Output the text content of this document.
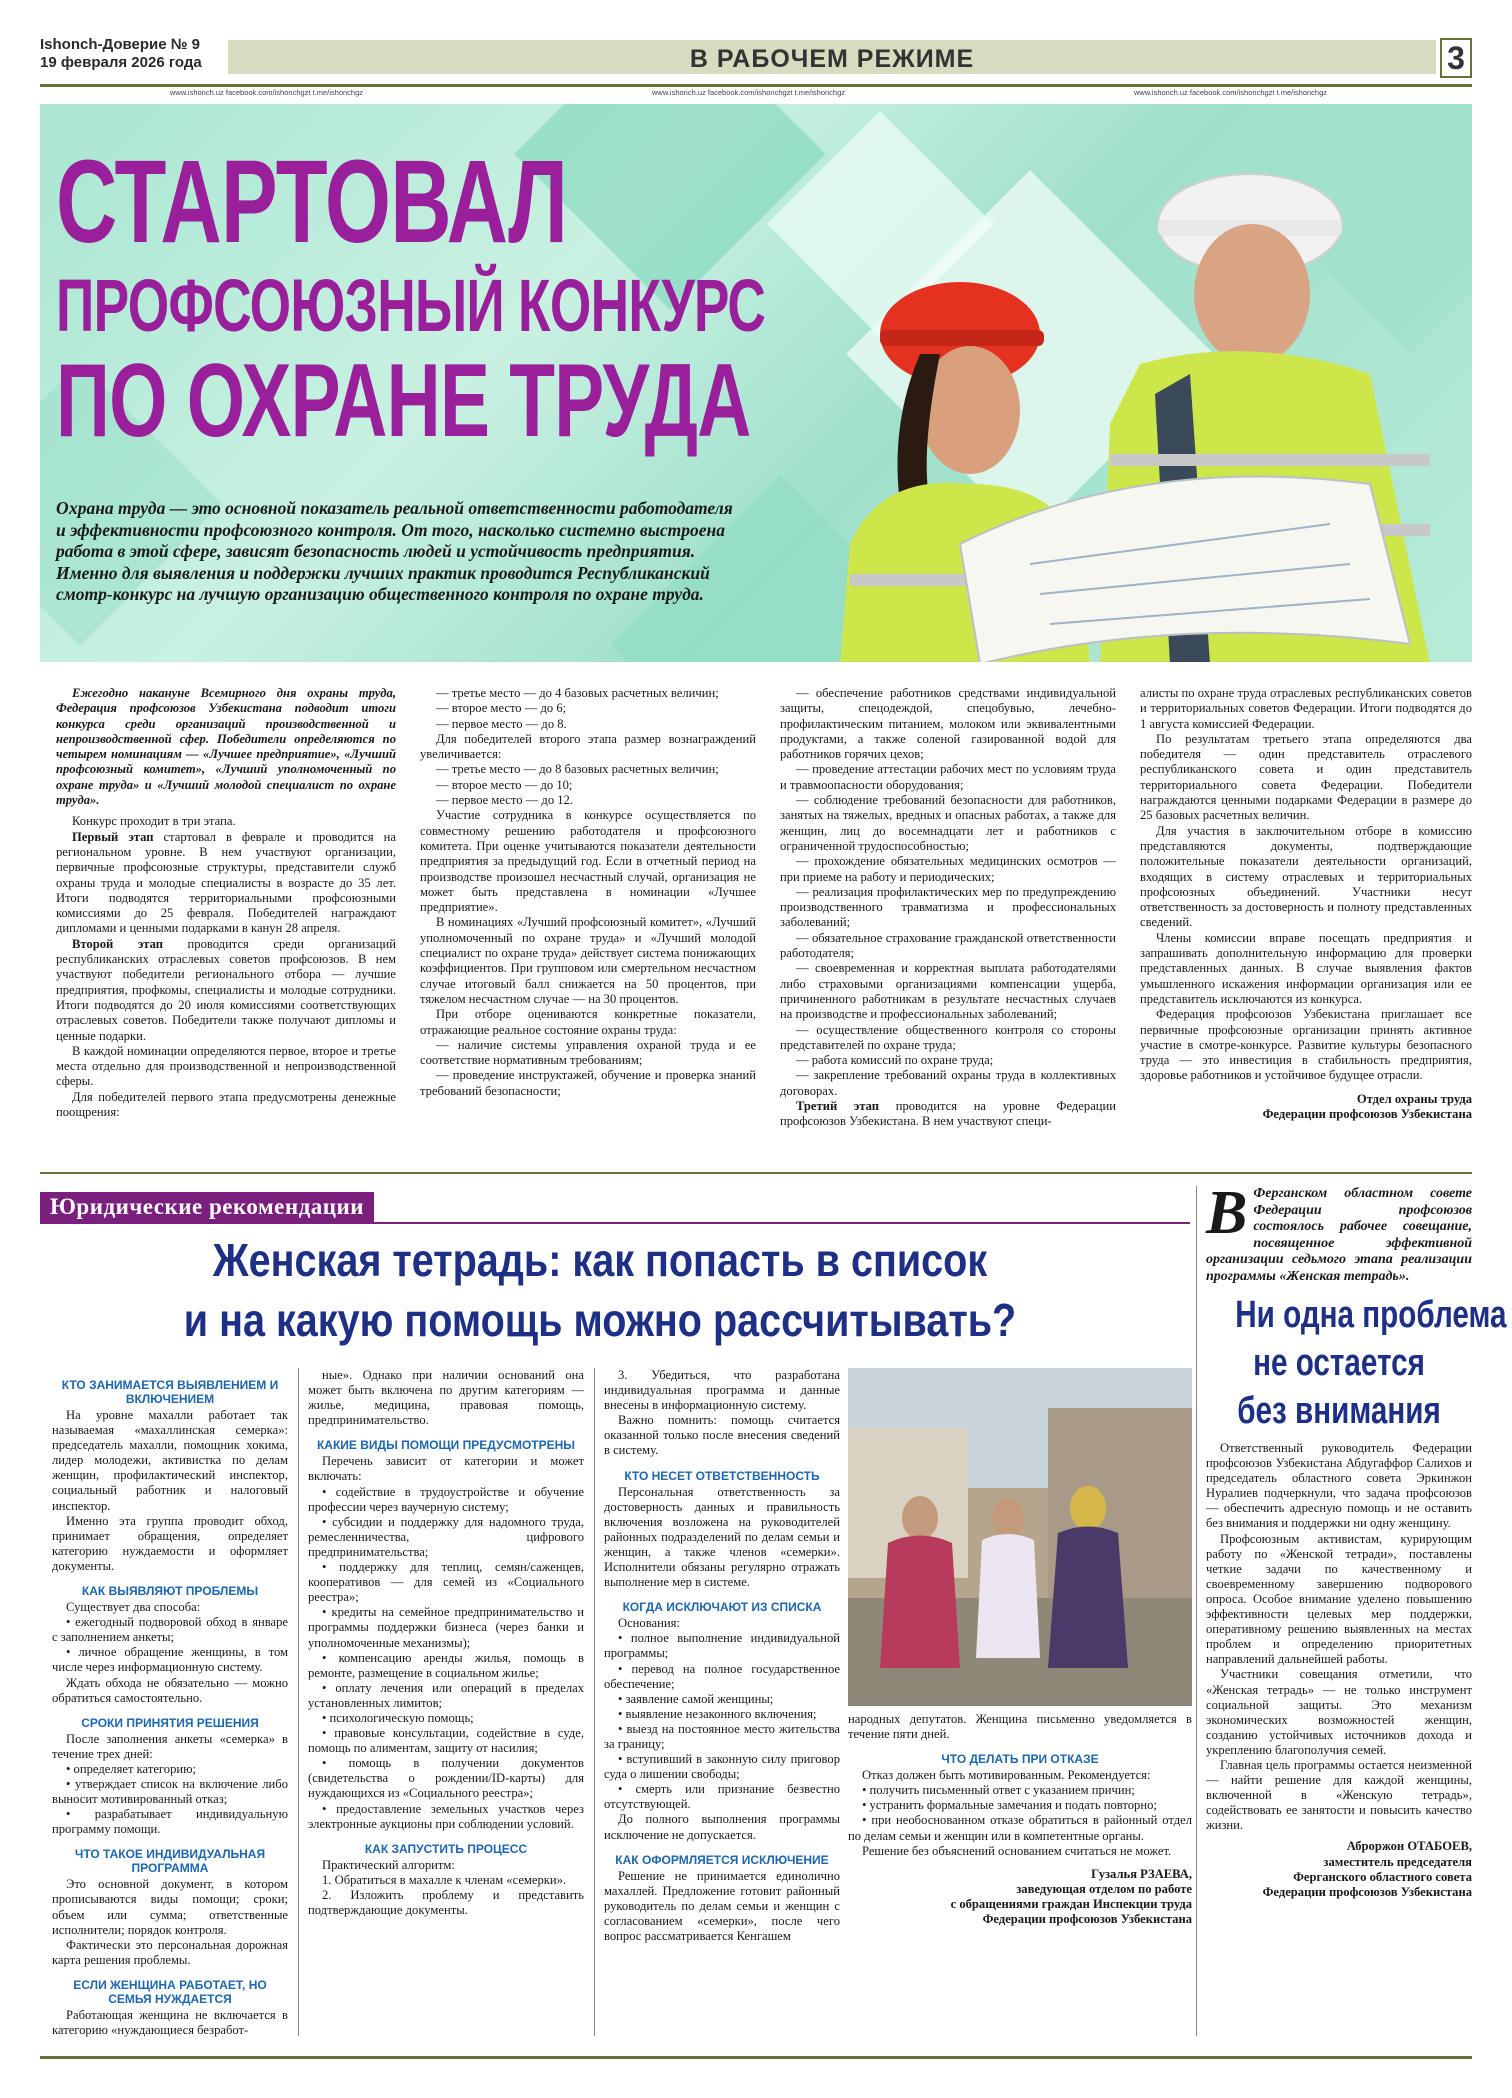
Ishonch-Доверие № 9
19 февраля 2026 года	В РАБОЧЕМ РЕЖИМЕ	3
www.ishonch.uz facebook.com/ishonchgzt t.me/ishonchgz	www.ishonch.uz facebook.com/ishonchgzt t.me/ishonchgz	www.ishonch.uz facebook.com/ishonchgzt t.me/ishonchgz
СТАРТОВАЛ
ПРОФСОЮЗНЫЙ КОНКУРС
ПО ОХРАНЕ ТРУДА
Охрана труда — это основной показатель реальной ответственности работодателя и эффективности профсоюзного контроля. От того, насколько системно выстроена работа в этой сфере, зависят безопасность людей и устойчивость предприятия. Именно для выявления и поддержки лучших практик проводится Республиканский смотр-конкурс на лучшую организацию общественного контроля по охране труда.

Ежегодно накануне Всемирного дня охраны труда, Федерация профсоюзов Узбекистана подводит итоги конкурса среди организаций производственной и непроизводственной сфер. Победители определяются по четырем номинациям — «Лучшее предприятие», «Лучший профсоюзный комитет», «Лучший уполномоченный по охране труда» и «Лучший молодой специалист по охране труда».

Конкурс проходит в три этапа.

Первый этап стартовал в феврале и проводится на региональном уровне. В нем участвуют организации, первичные профсоюзные структуры, представители служб охраны труда и молодые специалисты в возрасте до 35 лет. Итоги подводятся территориальными профсоюзными комиссиями до 25 февраля. Победителей награждают дипломами и ценными подарками в канун 28 апреля.

Второй этап проводится среди организаций республиканских отраслевых советов профсоюзов. В нем участвуют победители регионального отбора — лучшие предприятия, профкомы, специалисты и молодые сотрудники. Итоги подводятся до 20 июля комиссиями соответствующих отраслевых советов. Победители также получают дипломы и ценные подарки.

В каждой номинации определяются первое, второе и третье места отдельно для производственной и непроизводственной сферы.

Для победителей первого этапа предусмотрены денежные поощрения:

— третье место — до 4 базовых расчетных величин;

— второе место — до 6;

— первое место — до 8.

Для победителей второго этапа размер вознаграждений увеличивается:

— третье место — до 8 базовых расчетных величин;

— второе место — до 10;

— первое место — до 12.

Участие сотрудника в конкурсе осуществляется по совместному решению работодателя и профсоюзного комитета. При оценке учитываются показатели деятельности предприятия за предыдущий год. Если в отчетный период на производстве произошел несчастный случай, организация не может быть представлена в номинации «Лучшее предприятие».

В номинациях «Лучший профсоюзный комитет», «Лучший уполномоченный по охране труда» и «Лучший молодой специалист по охране труда» действует система понижающих коэффициентов. При групповом или смертельном несчастном случае итоговый балл снижается на 50 процентов, при тяжелом несчастном случае — на 30 процентов.

При отборе оцениваются конкретные показатели, отражающие реальное состояние охраны труда:

— наличие системы управления охраной труда и ее соответствие нормативным требованиям;

— проведение инструктажей, обучение и проверка знаний требований безопасности;

— обеспечение работников средствами индивидуальной защиты, спецодеждой, спецобувью, лечебно-профилактическим питанием, молоком или эквивалентными продуктами, а также соленой газированной водой для работников горячих цехов;

— проведение аттестации рабочих мест по условиям труда и травмоопасности оборудования;

— соблюдение требований безопасности для работников, занятых на тяжелых, вредных и опасных работах, а также для женщин, лиц до восемнадцати лет и работников с ограниченной трудоспособностью;

— прохождение обязательных медицинских осмотров — при приеме на работу и периодических;

— реализация профилактических мер по предупреждению производственного травматизма и профессиональных заболеваний;

— обязательное страхование гражданской ответственности работодателя;

— своевременная и корректная выплата работодателями либо страховыми организациями компенсации ущерба, причиненного работникам в результате несчастных случаев на производстве и профессиональных заболеваний;

— осуществление общественного контроля со стороны представителей по охране труда;

— работа комиссий по охране труда;

— закрепление требований охраны труда в коллективных договорах.

Третий этап проводится на уровне Федерации профсоюзов Узбекистана. В нем участвуют специ-

алисты по охране труда отраслевых республиканских советов и территориальных советов Федерации. Итоги подводятся до 1 августа комиссией Федерации.

По результатам третьего этапа определяются два победителя — один представитель отраслевого республиканского совета и один представитель территориального совета Федерации. Победители награждаются ценными подарками Федерации в размере до 25 базовых расчетных величин.

Для участия в заключительном отборе в комиссию представляются документы, подтверждающие положительные показатели деятельности организаций, входящих в систему отраслевых и территориальных профсоюзных объединений. Участники несут ответственность за достоверность и полноту представленных сведений.

Члены комиссии вправе посещать предприятия и запрашивать дополнительную информацию для проверки представленных данных. В случае выявления фактов умышленного искажения информации организация или ее представитель исключаются из конкурса.

Федерация профсоюзов Узбекистана приглашает все первичные профсоюзные организации принять активное участие в смотре-конкурсе. Развитие культуры безопасного труда — это инвестиция в стабильность предприятия, здоровье работников и устойчивое будущее отрасли.

Отдел охраны труда
Федерации профсоюзов Узбекистана
Юридические рекомендации
Женская тетрадь: как попасть в список
и на какую помощь можно рассчитывать?
КТО ЗАНИМАЕТСЯ ВЫЯВЛЕНИЕМ И ВКЛЮЧЕНИЕМ

На уровне махалли работает так называемая «махаллинская семерка»: председатель махалли, помощник хокима, лидер молодежи, активистка по делам женщин, профилактический инспектор, социальный работник и налоговый инспектор.

Именно эта группа проводит обход, принимает обращения, определяет категорию нуждаемости и оформляет документы.

КАК ВЫЯВЛЯЮТ ПРОБЛЕМЫ

Существует два способа:

• ежегодный подворовой обход в январе с заполнением анкеты;

• личное обращение женщины, в том числе через информационную систему.

Ждать обхода не обязательно — можно обратиться самостоятельно.

СРОКИ ПРИНЯТИЯ РЕШЕНИЯ

После заполнения анкеты «семерка» в течение трех дней:

• определяет категорию;

• утверждает список на включение либо выносит мотивированный отказ;

• разрабатывает индивидуальную программу помощи.

ЧТО ТАКОЕ ИНДИВИДУАЛЬНАЯ ПРОГРАММА

Это основной документ, в котором прописываются виды помощи; сроки; объем или сумма; ответственные исполнители; порядок контроля.

Фактически это персональная дорожная карта решения проблемы.

ЕСЛИ ЖЕНЩИНА РАБОТАЕТ, НО СЕМЬЯ НУЖДАЕТСЯ

Работающая женщина не включается в категорию «нуждающиеся безработ-

ные». Однако при наличии оснований она может быть включена по другим категориям — жилье, медицина, правовая помощь, предпринимательство.

КАКИЕ ВИДЫ ПОМОЩИ ПРЕДУСМОТРЕНЫ

Перечень зависит от категории и может включать:

• содействие в трудоустройстве и обучение профессии через ваучерную систему;

• субсидии и поддержку для надомного труда, ремесленничества, цифрового предпринимательства;

• поддержку для теплиц, семян/саженцев, кооперативов — для семей из «Социального реестра»;

• кредиты на семейное предпринимательство и программы поддержки бизнеса (через банки и уполномоченные механизмы);

• компенсацию аренды жилья, помощь в ремонте, размещение в социальном жилье;

• оплату лечения или операций в пределах установленных лимитов;

• психологическую помощь;

• правовые консультации, содействие в суде, помощь по алиментам, защиту от насилия;

• помощь в получении документов (свидетельства о рождении/ID-карты) для нуждающихся из «Социального реестра»;

• предоставление земельных участков через электронные аукционы при соблюдении условий.

КАК ЗАПУСТИТЬ ПРОЦЕСС

Практический алгоритм:

1. Обратиться в махалле к членам «семерки».

2. Изложить проблему и представить подтверждающие документы.

3. Убедиться, что разработана индивидуальная программа и данные внесены в информационную систему.

Важно помнить: помощь считается оказанной только после внесения сведений в систему.

КТО НЕСЕТ ОТВЕТСТВЕННОСТЬ

Персональная ответственность за достоверность данных и правильность включения возложена на руководителей районных подразделений по делам семьи и женщин, а также членов «семерки». Исполнители обязаны регулярно отражать выполнение мер в системе.

КОГДА ИСКЛЮЧАЮТ ИЗ СПИСКА

Основания:

• полное выполнение индивидуальной программы;

• перевод на полное государственное обеспечение;

• заявление самой женщины;

• выявление незаконного включения;

• выезд на постоянное место жительства за границу;

• вступивший в законную силу приговор суда о лишении свободы;

• смерть или признание безвестно отсутствующей.

До полного выполнения программы исключение не допускается.

КАК ОФОРМЛЯЕТСЯ ИСКЛЮЧЕНИЕ

Решение не принимается единолично махаллей. Предложение готовит районный руководитель по делам семьи и женщин с согласованием «семерки», после чего вопрос рассматривается Кенгашем

народных депутатов. Женщина письменно уведомляется в течение пяти дней.

ЧТО ДЕЛАТЬ ПРИ ОТКАЗЕ

Отказ должен быть мотивированным. Рекомендуется:

• получить письменный ответ с указанием причин;

• устранить формальные замечания и подать повторно;

• при необоснованном отказе обратиться в районный отдел по делам семьи и женщин или в компетентные органы.

Решение без объяснений основанием считаться не может.

Гузалья РЗАЕВА,
заведующая отделом по работе
с обращениями граждан Инспекции труда
Федерации профсоюзов Узбекистана
В Ферганском областном совете Федерации профсоюзов состоялось рабочее совещание, посвященное эффективной организации седьмого этапа реализации программы «Женская тетрадь».
Ни одна проблема
не остается
без внимания

Ответственный руководитель Федерации профсоюзов Узбекистана Абдугаффор Салихов и председатель областного совета Эркинжон Нуралиев подчеркнули, что задача профсоюзов — обеспечить адресную помощь и не оставить без внимания и поддержки ни одну женщину.

Профсоюзным активистам, курирующим работу по «Женской тетради», поставлены четкие задачи по качественному и своевременному завершению подворового опроса. Особое внимание уделено повышению эффективности целевых мер поддержки, оперативному решению выявленных на местах проблем и определению приоритетных направлений дальнейшей работы.

Участники совещания отметили, что «Женская тетрадь» — не только инструмент социальной защиты. Это механизм экономических возможностей женщин, созданию устойчивых источников дохода и укреплению благополучия семей.

Главная цель программы остается неизменной — найти решение для каждой женщины, включенной в «Женскую тетрадь», содействовать ее занятости и повысить качество жизни.

Аброржон ОТАБОЕВ,
заместитель председателя
Ферганского областного совета
Федерации профсоюзов Узбекистана
